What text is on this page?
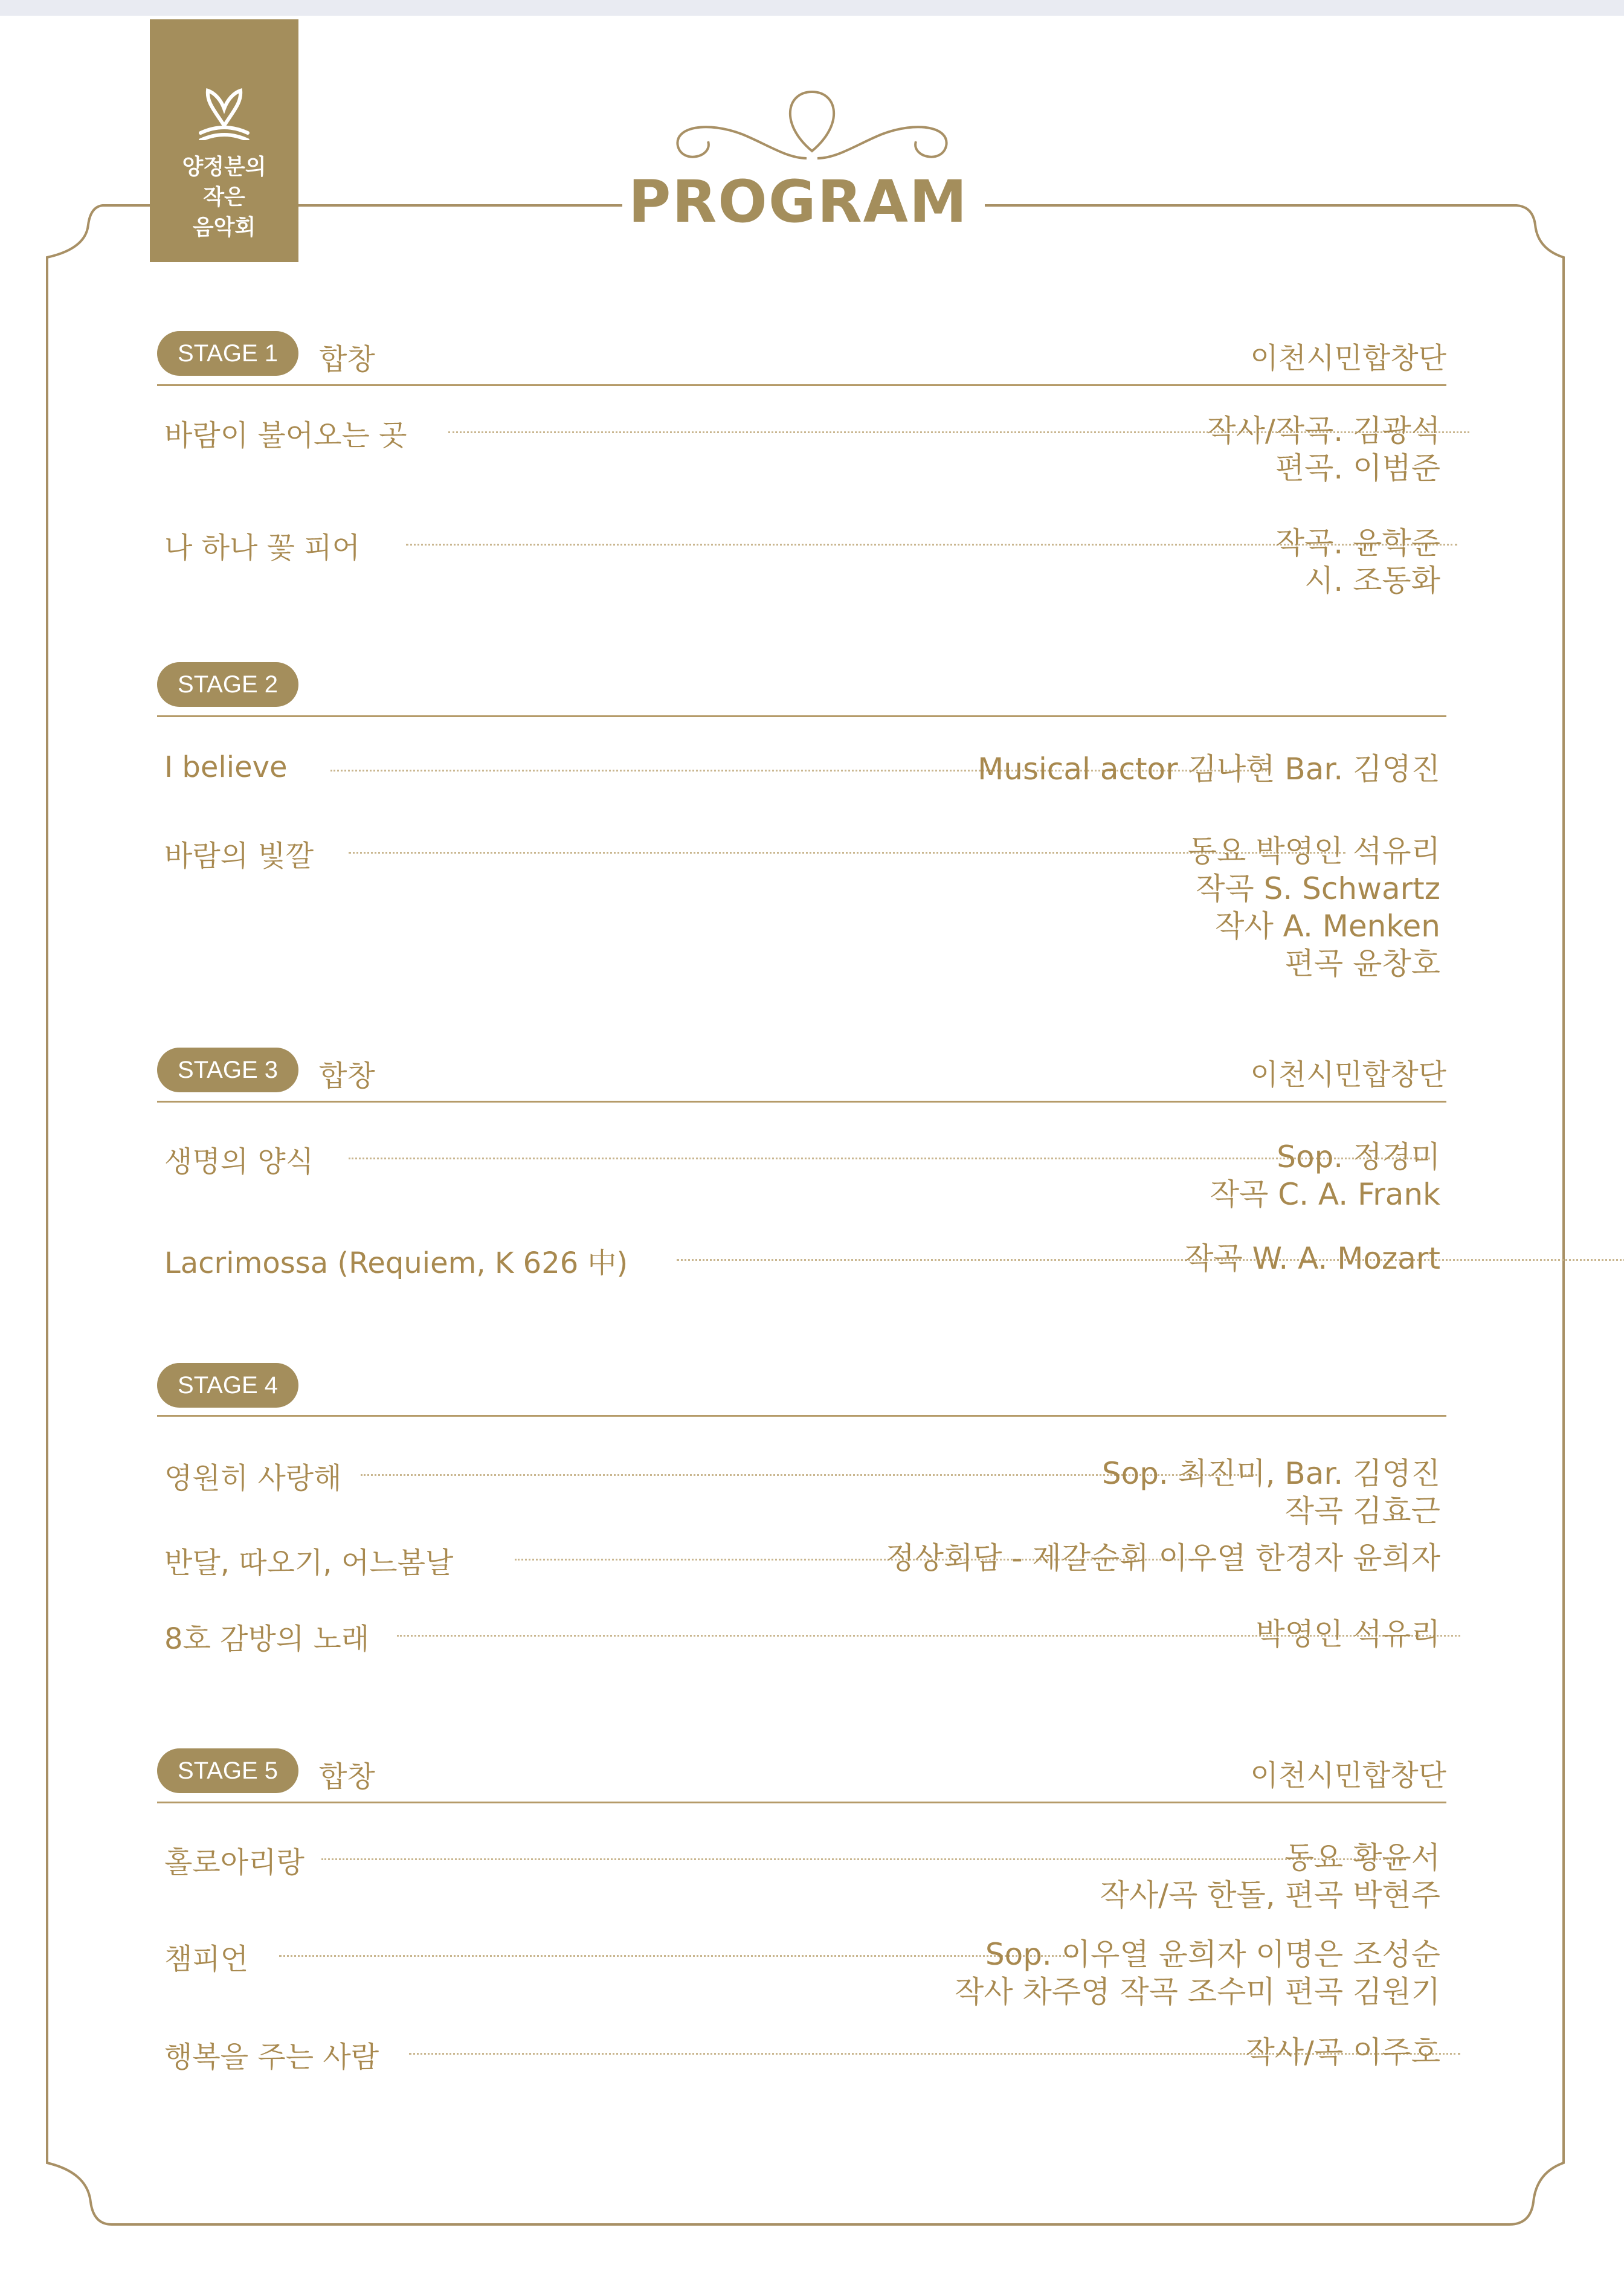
양정분의
작은
음악회	PROGRAM
STAGE 1	합창	이천시민합창단
바람이 불어오는 곳	작사/작곡. 김광석
편곡. 이범준
나 하나 꽃 피어	작곡. 윤학준
시. 조동화
STAGE 2
I believe	Musical actor 김나현 Bar. 김영진
바람의 빛깔	동요 박영인 석유리
작곡 S. Schwartz
작사 A. Menken
편곡 윤창호
STAGE 3	합창	이천시민합창단
생명의 양식	Sop. 정경미
작곡 C. A. Frank
Lacrimossa (Requiem, K 626 中)	작곡 W. A. Mozart
STAGE 4
영원히 사랑해	Sop. 최진미, Bar. 김영진
작곡 김효근
반달, 따오기, 어느봄날	정상회담 - 제갈순휘 이우열 한경자 윤희자
8호 감방의 노래	박영인 석유리
STAGE 5	합창	이천시민합창단
홀로아리랑	동요 황윤서
작사/곡 한돌, 편곡 박현주
챔피언	Sop. 이우열 윤희자 이명은 조성순
작사 차주영 작곡 조수미 편곡 김원기
행복을 주는 사람	작사/곡 이주호
